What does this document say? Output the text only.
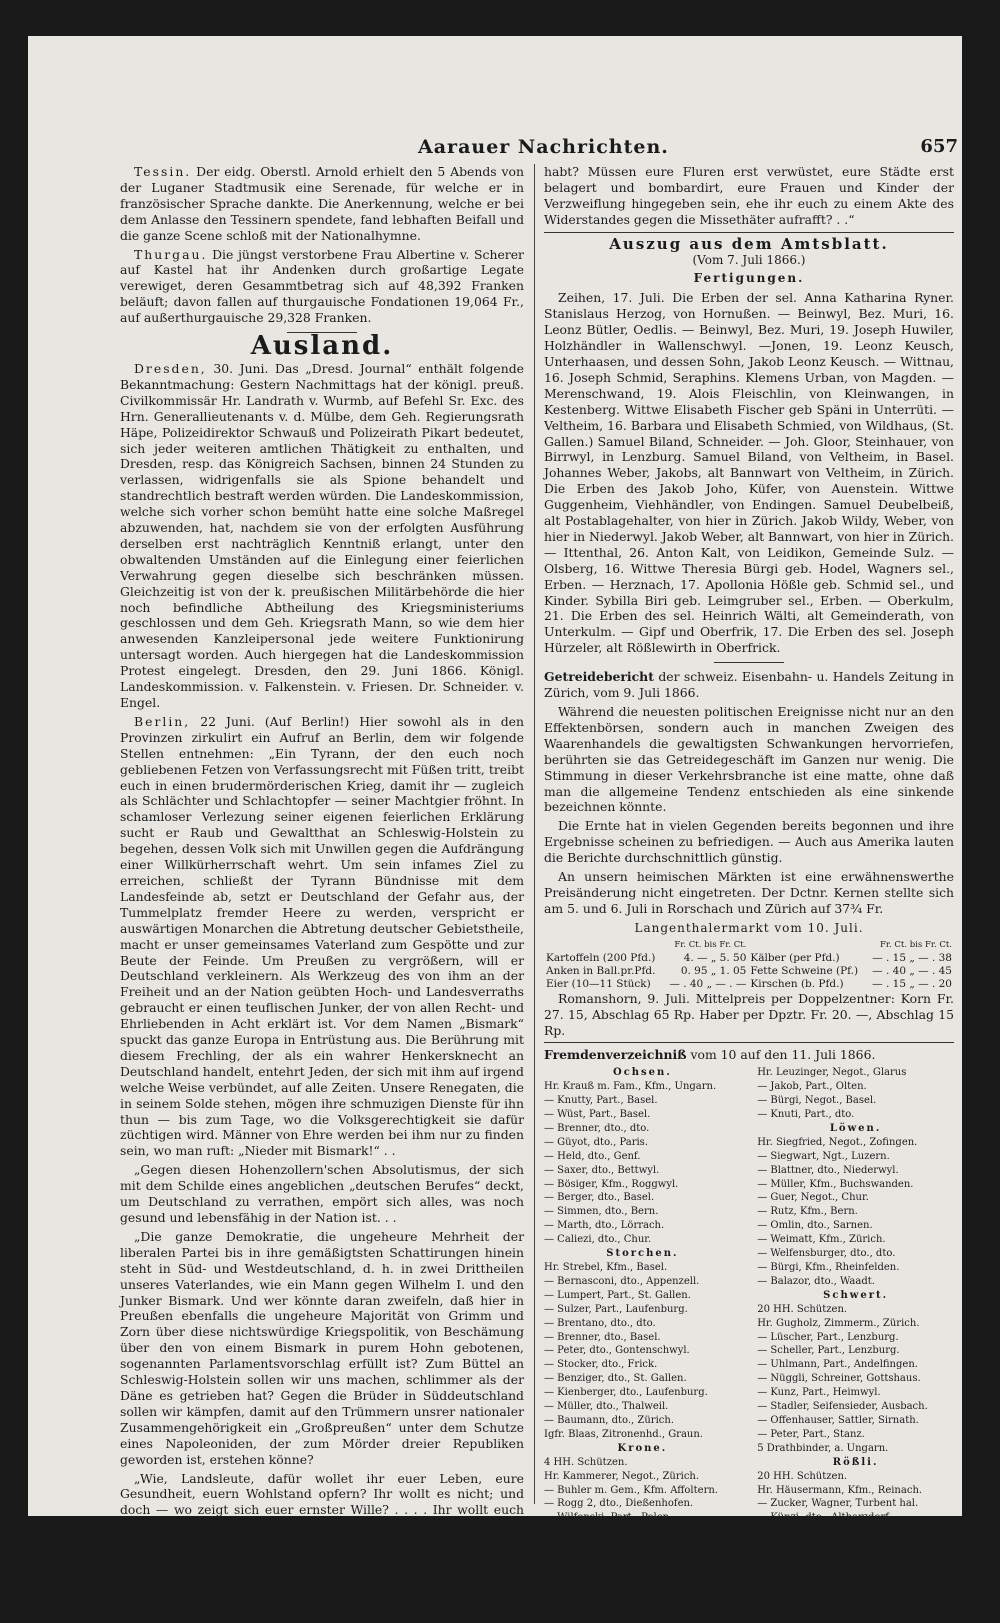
Aarauer Nachrichten.	657

Tessin. Der eidg. Oberstl. Arnold erhielt den 5 Abends von der Luganer Stadtmusik eine Serenade, für welche er in französischer Sprache dankte. Die Anerkennung, welche er bei dem Anlasse den Tessinern spendete, fand lebhaften Beifall und die ganze Scene schloß mit der Nationalhymne.

Thurgau. Die jüngst verstorbene Frau Albertine v. Scherer auf Kastel hat ihr Andenken durch großartige Legate verewiget, deren Gesammtbetrag sich auf 48,392 Franken beläuft; davon fallen auf thurgauische Fondationen 19,064 Fr., auf außerthurgauische 29,328 Franken.

Ausland.

Dresden, 30. Juni. Das „Dresd. Journal“ enthält folgende Bekanntmachung: Gestern Nachmittags hat der königl. preuß. Civilkommissär Hr. Landrath v. Wurmb, auf Befehl Sr. Exc. des Hrn. Generallieutenants v. d. Mülbe, dem Geh. Regierungsrath Häpe, Polizeidirektor Schwauß und Polizeirath Pikart bedeutet, sich jeder weiteren amtlichen Thätigkeit zu enthalten, und Dresden, resp. das Königreich Sachsen, binnen 24 Stunden zu verlassen, widrigenfalls sie als Spione behandelt und standrechtlich bestraft werden würden. Die Landeskommission, welche sich vorher schon bemüht hatte eine solche Maßregel abzuwenden, hat, nachdem sie von der erfolgten Ausführung derselben erst nachträglich Kenntniß erlangt, unter den obwaltenden Umständen auf die Einlegung einer feierlichen Verwahrung gegen dieselbe sich beschränken müssen. Gleichzeitig ist von der k. preußischen Militärbehörde die hier noch befindliche Abtheilung des Kriegsministeriums geschlossen und dem Geh. Kriegsrath Mann, so wie dem hier anwesenden Kanzleipersonal jede weitere Funktionirung untersagt worden. Auch hiergegen hat die Landeskommission Protest eingelegt. Dresden, den 29. Juni 1866. Königl. Landeskommission. v. Falkenstein. v. Friesen. Dr. Schneider. v. Engel.

Berlin, 22 Juni. (Auf Berlin!) Hier sowohl als in den Provinzen zirkulirt ein Aufruf an Berlin, dem wir folgende Stellen entnehmen: „Ein Tyrann, der den euch noch gebliebenen Fetzen von Verfassungsrecht mit Füßen tritt, treibt euch in einen brudermörderischen Krieg, damit ihr — zugleich als Schlächter und Schlachtopfer — seiner Machtgier fröhnt. In schamloser Verlezung seiner eigenen feierlichen Erklärung sucht er Raub und Gewaltthat an Schleswig-Holstein zu begehen, dessen Volk sich mit Unwillen gegen die Aufdrängung einer Willkürherrschaft wehrt. Um sein infames Ziel zu erreichen, schließt der Tyrann Bündnisse mit dem Landesfeinde ab, setzt er Deutschland der Gefahr aus, der Tummelplatz fremder Heere zu werden, verspricht er auswärtigen Monarchen die Abtretung deutscher Gebietstheile, macht er unser gemeinsames Vaterland zum Gespötte und zur Beute der Feinde. Um Preußen zu vergrößern, will er Deutschland verkleinern. Als Werkzeug des von ihm an der Freiheit und an der Nation geübten Hoch- und Landesverraths gebraucht er einen teuflischen Junker, der von allen Recht- und Ehrliebenden in Acht erklärt ist. Vor dem Namen „Bismark“ spuckt das ganze Europa in Entrüstung aus. Die Berührung mit diesem Frechling, der als ein wahrer Henkersknecht an Deutschland handelt, entehrt Jeden, der sich mit ihm auf irgend welche Weise verbündet, auf alle Zeiten. Unsere Renegaten, die in seinem Solde stehen, mögen ihre schmuzigen Dienste für ihn thun — bis zum Tage, wo die Volksgerechtigkeit sie dafür züchtigen wird. Männer von Ehre werden bei ihm nur zu finden sein, wo man ruft: „Nieder mit Bismark!“ . .

„Gegen diesen Hohenzollern'schen Absolutismus, der sich mit dem Schilde eines angeblichen „deutschen Berufes“ deckt, um Deutschland zu verrathen, empört sich alles, was noch gesund und lebensfähig in der Nation ist. . .

„Die ganze Demokratie, die ungeheure Mehrheit der liberalen Partei bis in ihre gemäßigtsten Schattirungen hinein steht in Süd- und Westdeutschland, d. h. in zwei Drittheilen unseres Vaterlandes, wie ein Mann gegen Wilhelm I. und den Junker Bismark. Und wer könnte daran zweifeln, daß hier in Preußen ebenfalls die ungeheure Majorität von Grimm und Zorn über diese nichtswürdige Kriegspolitik, von Beschämung über den von einem Bismark in purem Hohn gebotenen, sogenannten Parlamentsvorschlag erfüllt ist? Zum Büttel an Schleswig-Holstein sollen wir uns machen, schlimmer als der Däne es getrieben hat? Gegen die Brüder in Süddeutschland sollen wir kämpfen, damit auf den Trümmern unsrer nationaler Zusammengehörigkeit ein „Großpreußen“ unter dem Schutze eines Napoleoniden, der zum Mörder dreier Republiken geworden ist, erstehen könne?

„Wie, Landsleute, dafür wollet ihr euer Leben, eure Gesundheit, euern Wohlstand opfern? Ihr wollt es nicht; und doch — wo zeigt sich euer ernster Wille? . . . . Ihr wollt euch auf die Schlachtbank führen lassen, während ihr die Waffen in der Hand

habt? Müssen eure Fluren erst verwüstet, eure Städte erst belagert und bombardirt, eure Frauen und Kinder der Verzweiflung hingegeben sein, ehe ihr euch zu einem Akte des Widerstandes gegen die Missethäter aufrafft? . .“

Auszug aus dem Amtsblatt.
(Vom 7. Juli 1866.)
Fertigungen.

Zeihen, 17. Juli. Die Erben der sel. Anna Katharina Ryner. Stanislaus Herzog, von Hornußen. — Beinwyl, Bez. Muri, 16. Leonz Bütler, Oedlis. — Beinwyl, Bez. Muri, 19. Joseph Huwiler, Holzhändler in Wallenschwyl. —Jonen, 19. Leonz Keusch, Unterhaasen, und dessen Sohn, Jakob Leonz Keusch. — Wittnau, 16. Joseph Schmid, Seraphins. Klemens Urban, von Magden. — Merenschwand, 19. Alois Fleischlin, von Kleinwangen, in Kestenberg. Wittwe Elisabeth Fischer geb Späni in Unterrüti. — Veltheim, 16. Barbara und Elisabeth Schmied, von Wildhaus, (St. Gallen.) Samuel Biland, Schneider. — Joh. Gloor, Steinhauer, von Birrwyl, in Lenzburg. Samuel Biland, von Veltheim, in Basel. Johannes Weber, Jakobs, alt Bannwart von Veltheim, in Zürich. Die Erben des Jakob Joho, Küfer, von Auenstein. Wittwe Guggenheim, Viehhändler, von Endingen. Samuel Deubelbeiß, alt Postablagehalter, von hier in Zürich. Jakob Wildy, Weber, von hier in Niederwyl. Jakob Weber, alt Bannwart, von hier in Zürich. — Ittenthal, 26. Anton Kalt, von Leidikon, Gemeinde Sulz. — Olsberg, 16. Wittwe Theresia Bürgi geb. Hodel, Wagners sel., Erben. — Herznach, 17. Apollonia Hößle geb. Schmid sel., und Kinder. Sybilla Biri geb. Leimgruber sel., Erben. — Oberkulm, 21. Die Erben des sel. Heinrich Wälti, alt Gemeinderath, von Unterkulm. — Gipf und Oberfrik, 17. Die Erben des sel. Joseph Hürzeler, alt Rößlewirth in Oberfrick.

Getreidebericht der schweiz. Eisenbahn- u. Handels Zeitung in Zürich, vom 9. Juli 1866.

Während die neuesten politischen Ereignisse nicht nur an den Effektenbörsen, sondern auch in manchen Zweigen des Waarenhandels die gewaltigsten Schwankungen hervorriefen, berührten sie das Getreidegeschäft im Ganzen nur wenig. Die Stimmung in dieser Verkehrsbranche ist eine matte, ohne daß man die allgemeine Tendenz entschieden als eine sinkende bezeichnen könnte.

Die Ernte hat in vielen Gegenden bereits begonnen und ihre Ergebnisse scheinen zu befriedigen. — Auch aus Amerika lauten die Berichte durchschnittlich günstig.

An unsern heimischen Märkten ist eine erwähnenswerthe Preisänderung nicht eingetreten. Der Dctnr. Kernen stellte sich am 5. und 6. Juli in Rorschach und Zürich auf 37¾ Fr.

Langenthalermarkt vom 10. Juli.
	Fr. Ct. bis Fr. Ct.		Fr. Ct. bis Fr. Ct.
Kartoffeln (200 Pfd.)	4. — „ 5. 50	Kälber (per Pfd.)	— . 15 „ — . 38
Anken in Ball.pr.Pfd.	0. 95 „ 1. 05	Fette Schweine (Pf.)	— . 40 „ — . 45
Eier (10—11 Stück)	— . 40 „ — . —	Kirschen (b. Pfd.)	— . 15 „ — . 20

Romanshorn, 9. Juli. Mittelpreis per Doppelzentner: Korn Fr. 27. 15, Abschlag 65 Rp. Haber per Dpztr. Fr. 20. —, Abschlag 15 Rp.

Fremdenverzeichniß vom 10 auf den 11. Juli 1866.
Ochsen.
Hr. Krauß m. Fam., Kfm., Ungarn.
— Knutty, Part., Basel.
— Wüst, Part., Basel.
— Brenner, dto., dto.
— Güyot, dto., Paris.
— Held, dto., Genf.
— Saxer, dto., Bettwyl.
— Bösiger, Kfm., Roggwyl.
— Berger, dto., Basel.
— Simmen, dto., Bern.
— Marth, dto., Lörrach.
— Caliezi, dto., Chur.
Storchen.
Hr. Strebel, Kfm., Basel.
— Bernasconi, dto., Appenzell.
— Lumpert, Part., St. Gallen.
— Sulzer, Part., Laufenburg.
— Brentano, dto., dto.
— Brenner, dto., Basel.
— Peter, dto., Gontenschwyl.
— Stocker, dto., Frick.
— Benziger, dto., St. Gallen.
— Kienberger, dto., Laufenburg.
— Müller, dto., Thalweil.
— Baumann, dto., Zürich.
Igfr. Blaas, Zitronenhd., Graun.
Krone.
4 HH. Schützen.
Hr. Kammerer, Negot., Zürich.
— Buhler m. Gem., Kfm. Affoltern.
— Rogg 2, dto., Dießenhofen.
— Wilfonski, Part., Polen.
Igfr. Müller, v. Kulm.
Wildenmann.
7 HH. Schützen.
Hr. Zehnder, Part., Köniz.
— Jehy, Büchsenmacher, Zofingen.
— Fäßlin, Negot., Basel.
— Eppeler 3, Schreiner, Zürich.
Hr. Leuzinger, Negot., Glarus
— Jakob, Part., Olten.
— Bürgi, Negot., Basel.
— Knuti, Part., dto.
Löwen.
Hr. Siegfried, Negot., Zofingen.
— Siegwart, Ngt., Luzern.
— Blattner, dto., Niederwyl.
— Müller, Kfm., Buchswanden.
— Guer, Negot., Chur.
— Rutz, Kfm., Bern.
— Omlin, dto., Sarnen.
— Weimatt, Kfm., Zürich.
— Welfensburger, dto., dto.
— Bürgi, Kfm., Rheinfelden.
— Balazor, dto., Waadt.
Schwert.
20 HH. Schützen.
Hr. Gugholz, Zimmerm., Zürich.
— Lüscher, Part., Lenzburg.
— Scheller, Part., Lenzburg.
— Uhlmann, Part., Andelfingen.
— Nüggli, Schreiner, Gottshaus.
— Kunz, Part., Heimwyl.
— Stadler, Seifensieder, Ausbach.
— Offenhauser, Sattler, Sirnath.
— Peter, Part., Stanz.
5 Drathbinder, a. Ungarn.
Rößli.
20 HH. Schützen.
Hr. Häusermann, Kfm., Reinach.
— Zucker, Wagner, Turbent hal.
— Künzi, dto., Altharzdorf.
Kreuz.
11 HH. Schützen.
4 HH. Aufwärter.
Hr. Leimgruber, Part., Wöflißwyl.
— Chaney, Sattler, Motier.
— Hofmann, Part., Zürich.
